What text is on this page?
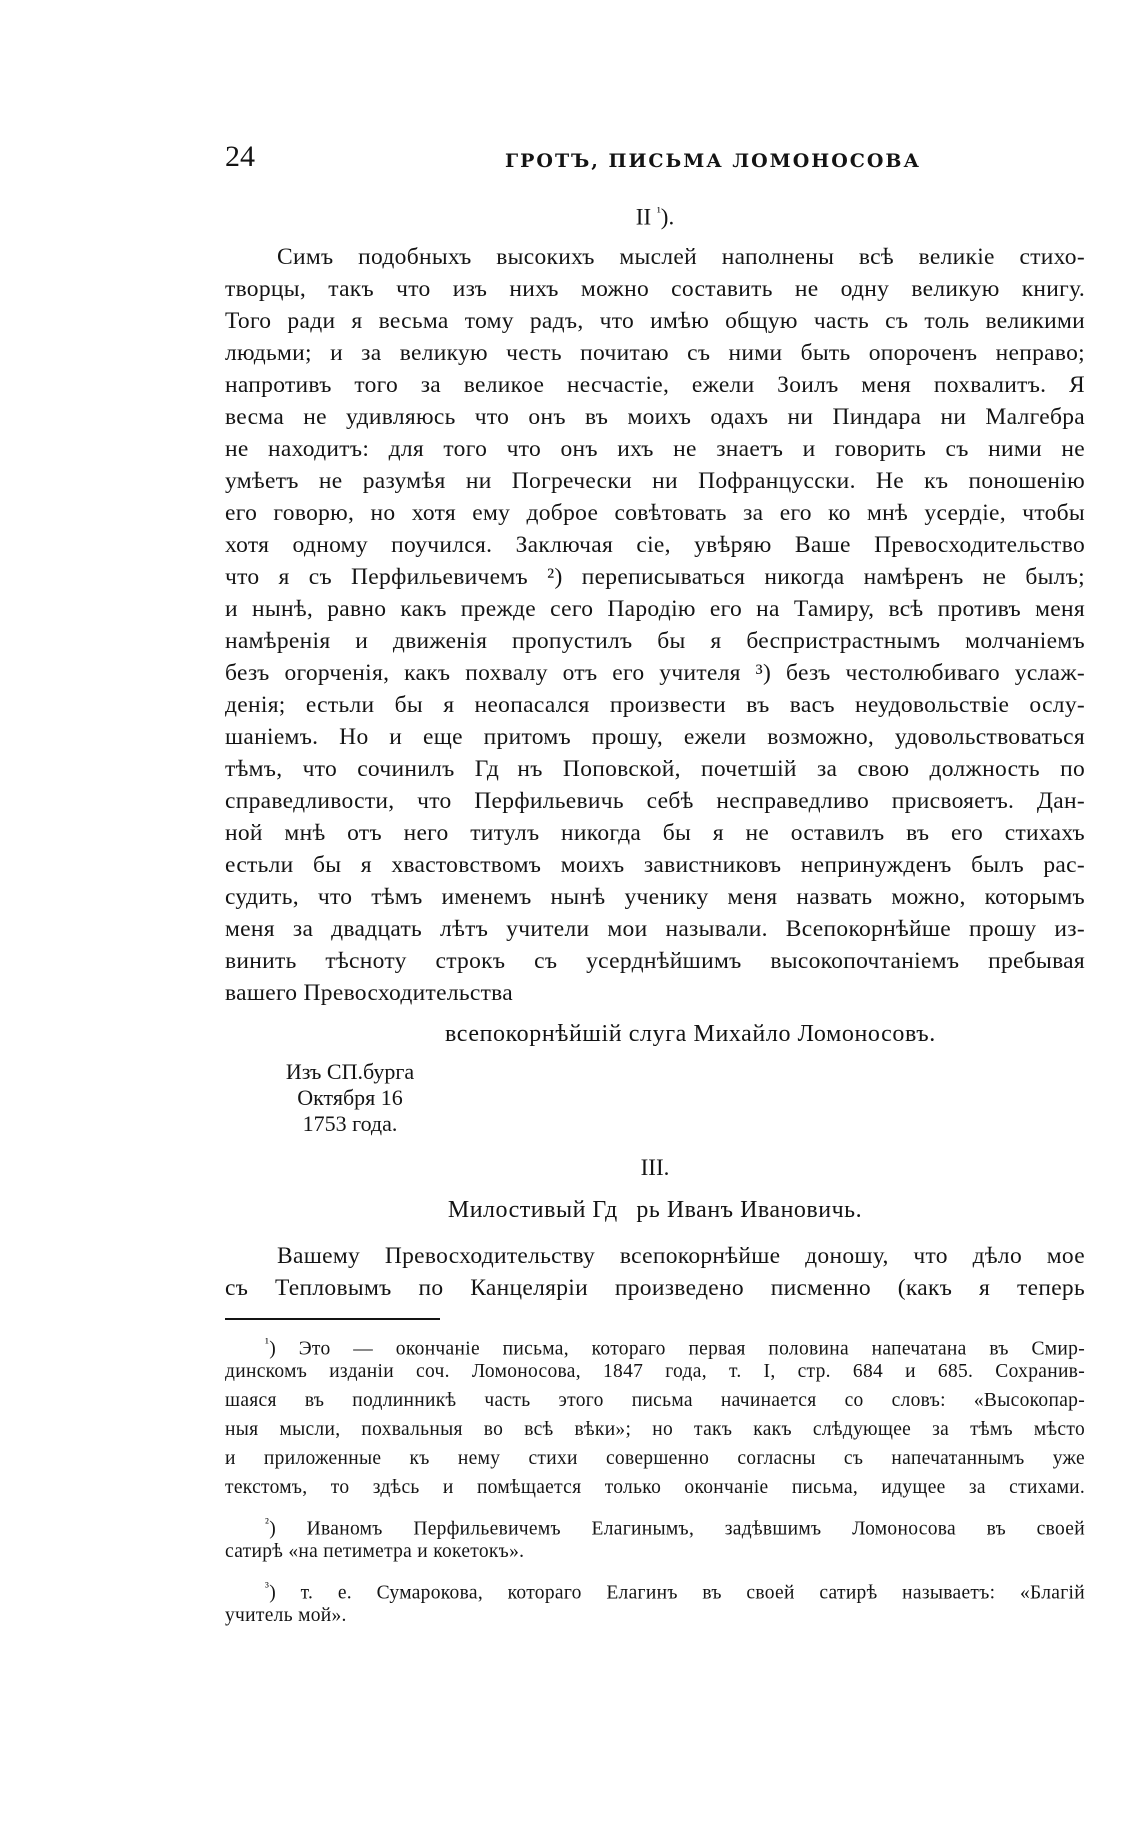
24	ГРОТЪ, ПИСЬМА ЛОМОНОСОВА
II $^{^1}$).
Симъ подобныхъ высокихъ мыслей наполнены всѣ великіе стихо-
творцы, такъ что изъ нихъ можно составить не одну великую книгу.
Того ради я весьма тому радъ, что имѣю общую часть съ толь великими
людьми; и за великую честь почитаю съ ними быть опороченъ неправо;
напротивъ того за великое несчастіе, ежели Зоилъ меня похвалитъ. Я
весма не удивляюсь что онъ въ моихъ одахъ ни Пиндара ни Малгебра
не находитъ: для того что онъ ихъ не знаетъ и говорить съ ними не
умѣетъ не разумѣя ни Погречески ни Пофранцусски. Не къ поношенію
его говорю, но хотя ему доброе совѣтовать за его ко мнѣ усердіе, чтобы
хотя одному поучился. Заключая сіе, увѣряю Ваше Превосходительство
что я съ Перфильевичемъ ²) переписываться никогда намѣренъ не былъ;
и нынѣ, равно какъ прежде сего Пародію его на Тамиру, всѣ противъ меня
намѣренія и движенія пропустилъ бы я беспристрастнымъ молчаніемъ
безъ огорченія, какъ похвалу отъ его учителя ³) безъ честолюбиваго услаж-
денія; естьли бы я неопасался произвести въ васъ неудовольствіе ослу-
шаніемъ. Но и еще притомъ прошу, ежели возможно, удовольствоваться
тѣмъ, что сочинилъ Гдⷭнъ Поповской, почетшій за свою должность по
справедливости, что Перфильевичь себѣ несправедливо присвояетъ. Дан-
ной мнѣ отъ него титулъ никогда бы я не оставилъ въ его стихахъ
естьли бы я хвастовствомъ моихъ завистниковъ непринужденъ былъ рас-
судить, что тѣмъ именемъ нынѣ ученику меня назвать можно, которымъ
меня за двадцать лѣтъ учители мои называли. Всепокорнѣйше прошу из-
винить тѣсноту строкъ съ усерднѣйшимъ высокопочтаніемъ пребывая
вашего Превосходительства
всепокорнѣйшій слуга Михайло Ломоносовъ.
Изъ СП.бурга
Октября 16
1753 года.
III.
Милостивый Гдⷭрь Иванъ Ивановичь.
Вашему Превосходительству всепокорнѣйше доношу, что дѣло мое
съ Тепловымъ по Канцеляріи произведено писменно (какъ я теперь
$^{^1}$) Это — окончаніе письма, котораго первая половина напечатана въ Смир-
динскомъ изданіи соч. Ломоносова, 1847 года, т. I, стр. 684 и 685. Сохранив-
шаяся въ подлинникѣ часть этого письма начинается со словъ: «Высокопар-
ныя мысли, похвальныя во всѣ вѣки»; но такъ какъ слѣдующее за тѣмъ мѣсто
и приложенные къ нему стихи совершенно согласны съ напечатаннымъ уже
текстомъ, то здѣсь и помѣщается только окончаніе письма, идущее за стихами.
$^{^2}$) Иваномъ Перфильевичемъ Елагинымъ, задѣвшимъ Ломоносова въ своей
сатирѣ «на петиметра и кокетокъ».
$^{^3}$) т. е. Сумарокова, котораго Елагинъ въ своей сатирѣ называетъ: «Благій
учитель мой».
